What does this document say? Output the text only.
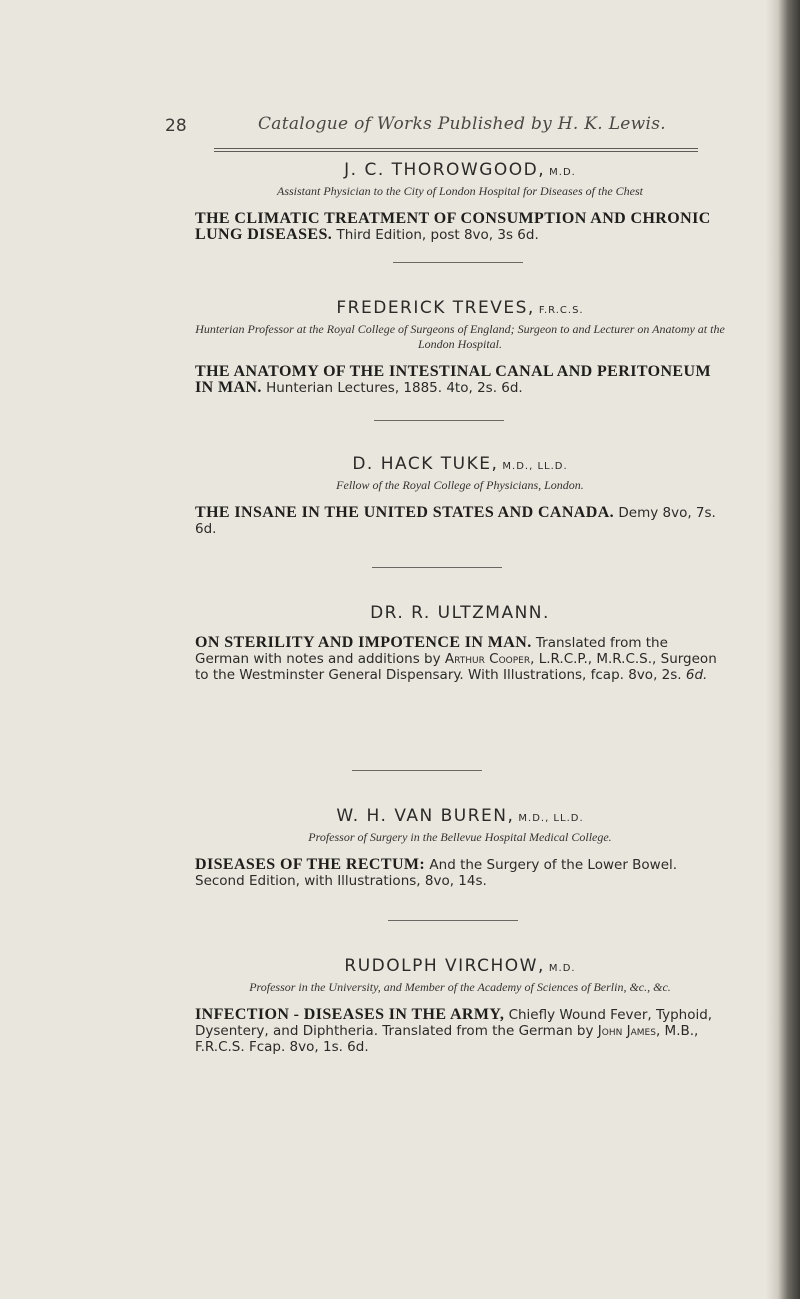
28	Catalogue of Works Published by H. K. Lewis.

J. C. THOROWGOOD, M.D.

Assistant Physician to the City of London Hospital for Diseases of the Chest

THE CLIMATIC TREATMENT OF CONSUMPTION AND CHRONIC LUNG DISEASES. Third Edition, post 8vo, 3s 6d.

FREDERICK TREVES, F.R.C.S.

Hunterian Professor at the Royal College of Surgeons of England; Surgeon to and Lecturer on Anatomy at the London Hospital.

THE ANATOMY OF THE INTESTINAL CANAL AND PERITONEUM IN MAN. Hunterian Lectures, 1885. 4to, 2s. 6d.

D. HACK TUKE, M.D., LL.D.

Fellow of the Royal College of Physicians, London.

THE INSANE IN THE UNITED STATES AND CANADA. Demy 8vo, 7s. 6d.

DR. R. ULTZMANN.

ON STERILITY AND IMPOTENCE IN MAN. Translated from the German with notes and additions by Arthur Cooper, L.R.C.P., M.R.C.S., Surgeon to the Westminster General Dispensary. With Illustrations, fcap. 8vo, 2s. 6d.

W. H. VAN BUREN, M.D., LL.D.

Professor of Surgery in the Bellevue Hospital Medical College.

DISEASES OF THE RECTUM: And the Surgery of the Lower Bowel. Second Edition, with Illustrations, 8vo, 14s.

RUDOLPH VIRCHOW, M.D.

Professor in the University, and Member of the Academy of Sciences of Berlin, &c., &c.

INFECTION - DISEASES IN THE ARMY, Chiefly Wound Fever, Typhoid, Dysentery, and Diphtheria. Translated from the German by John James, M.B., F.R.C.S. Fcap. 8vo, 1s. 6d.
